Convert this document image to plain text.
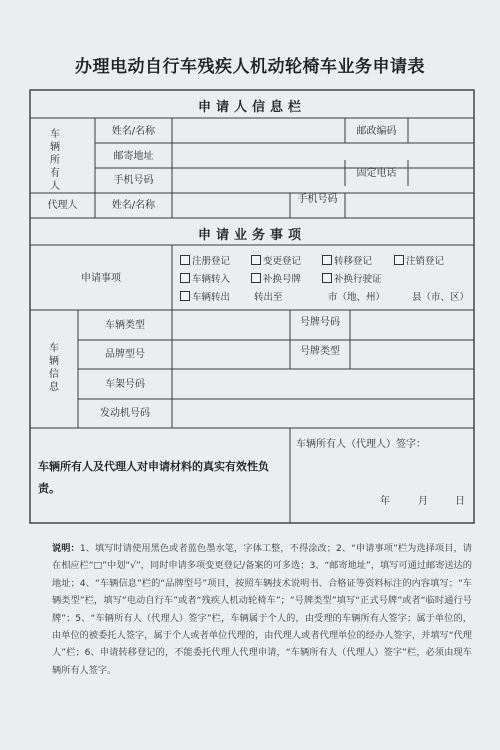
办理电动自行车残疾人机动轮椅车业务申请表
申请人信息栏
车辆所有人
姓名/名称	邮政编码
邮寄地址
手机号码
固定电话
代理人	姓名/名称
手机号码
申请业务事项
申请事项
注册登记	变更登记	转移登记	注销登记
车辆转入	补换号牌	补换行驶证
车辆转出	转出至	市（地、州）	县（市、区）
车辆信息
车辆类型	号牌号码
品牌型号	号牌类型
车架号码
发动机号码
车辆所有人及代理人对申请材料的真实有效性负责。
车辆所有人（代理人）签字：
年	月	日
说明：1、填写时请使用黑色或者蓝色墨水笔，字体工整，不得涂改；2、“申请事项”栏为选择项目，请在相应栏“□”中划“√”，同时申请多项变更登记/备案的可多选；3、“邮寄地址”，填写可通过邮寄送达的地址；4、“车辆信息”栏的“品牌型号”项目，按照车辆技术说明书、合格证等资料标注的内容填写；“车辆类型”栏，填写“电动自行车”或者“残疾人机动轮椅车”；“号牌类型”填写“正式号牌”或者“临时通行号牌”；5、“车辆所有人（代理人）签字”栏，车辆属于个人的，由受理的车辆所有人签字；属于单位的，由单位的被委托人签字，属于个人或者单位代理的，由代理人或者代理单位的经办人签字，并填写“代理人”栏；6、申请转移登记的，不能委托代理人代理申请，“车辆所有人（代理人）签字”栏，必须由现车辆所有人签字。
